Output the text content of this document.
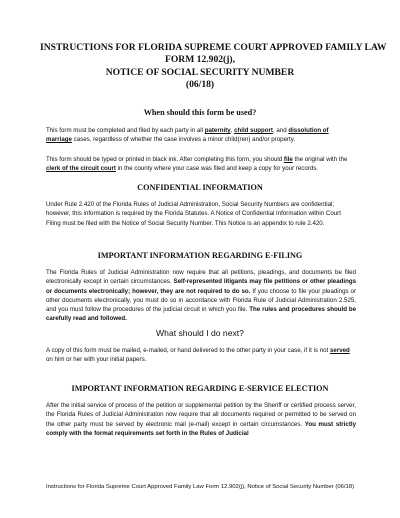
INSTRUCTIONS FOR FLORIDA SUPREME COURT APPROVED FAMILY LAW
FORM 12.902(j),
NOTICE OF SOCIAL SECURITY NUMBER
(06/18)
When should this form be used?
This form must be completed and filed by each party in all paternity, child support, and dissolution of marriage cases, regardless of whether the case involves a minor child(ren) and/or property.
This form should be typed or printed in black ink. After completing this form, you should file the original with the clerk of the circuit court in the county where your case was filed and keep a copy for your records.
CONFIDENTIAL INFORMATION
Under Rule 2.420 of the Florida Rules of Judicial Administration, Social Security Numbers are confidential; however, this information is required by the Florida Statutes. A Notice of Confidential Information within Court Filing must be filed with the Notice of Social Security Number. This Notice is an appendix to rule 2.420.
IMPORTANT INFORMATION REGARDING E-FILING
The Florida Rules of Judicial Administration now require that all petitions, pleadings, and documents be filed electronically except in certain circumstances. Self-represented litigants may file petitions or other pleadings or documents electronically; however, they are not required to do so. If you choose to file your pleadings or other documents electronically, you must do so in accordance with Florida Rule of Judicial Administration 2.525, and you must follow the procedures of the judicial circuit in which you file. The rules and procedures should be carefully read and followed.
What should I do next?
A copy of this form must be mailed, e-mailed, or hand delivered to the other party in your case, if it is not served on him or her with your initial papers.
IMPORTANT INFORMATION REGARDING E-SERVICE ELECTION
After the initial service of process of the petition or supplemental petition by the Sheriff or certified process server, the Florida Rules of Judicial Administration now require that all documents required or permitted to be served on the other party must be served by electronic mail (e-mail) except in certain circumstances. You must strictly comply with the format requirements set forth in the Rules of Judicial
Instructions for Florida Supreme Court Approved Family Law Form 12.902(j), Notice of Social Security Number (06/18)
